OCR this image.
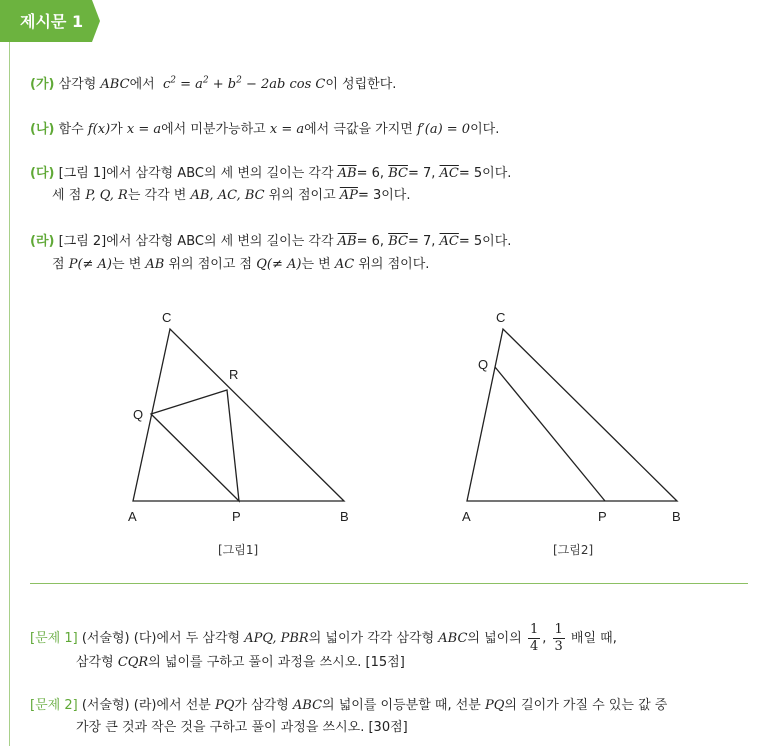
제시문 1
(가) 삼각형 ABC에서 $c^2 = a^2 + b^2 - 2ab$ cos C이 성립한다.
(나) 함수 f(x)가 x = a에서 미분가능하고 x = a에서 극값을 가지면 f′(a) = 0이다.
(다) [그림 1]에서 삼각형 ABC의 세 변의 길이는 각각 $\overline{AB}= 6$, $\overline{BC}= 7$, $\overline{AC}= 5$이다.
세 점 P, Q, R는 각각 변 AB, AC, BC 위의 점이고 $\overline{AP}= 3$이다.
(라) [그림 2]에서 삼각형 ABC의 세 변의 길이는 각각 $\overline{AB}= 6$, $\overline{BC}= 7$, $\overline{AC}= 5$이다.
점 P(≠ A)는 변 AB 위의 점이고 점 Q(≠ A)는 변 AC 위의 점이다.
A	B
C
P
Q
R
[그림1]
A	B
C
P
Q
[그림2]
[문제 1] (서술형) (다)에서 두 삼각형 APQ, PBR의 넓이가 각각 삼각형 ABC의 넓이의 $\frac{1}{4}$ , $\frac{1}{3}$ 배일 때,
삼각형 CQR의 넓이를 구하고 풀이 과정을 쓰시오. [15점]
[문제 2] (서술형) (라)에서 선분 PQ가 삼각형 ABC의 넓이를 이등분할 때, 선분 PQ의 길이가 가질 수 있는 값 중
가장 큰 것과 작은 것을 구하고 풀이 과정을 쓰시오. [30점]
